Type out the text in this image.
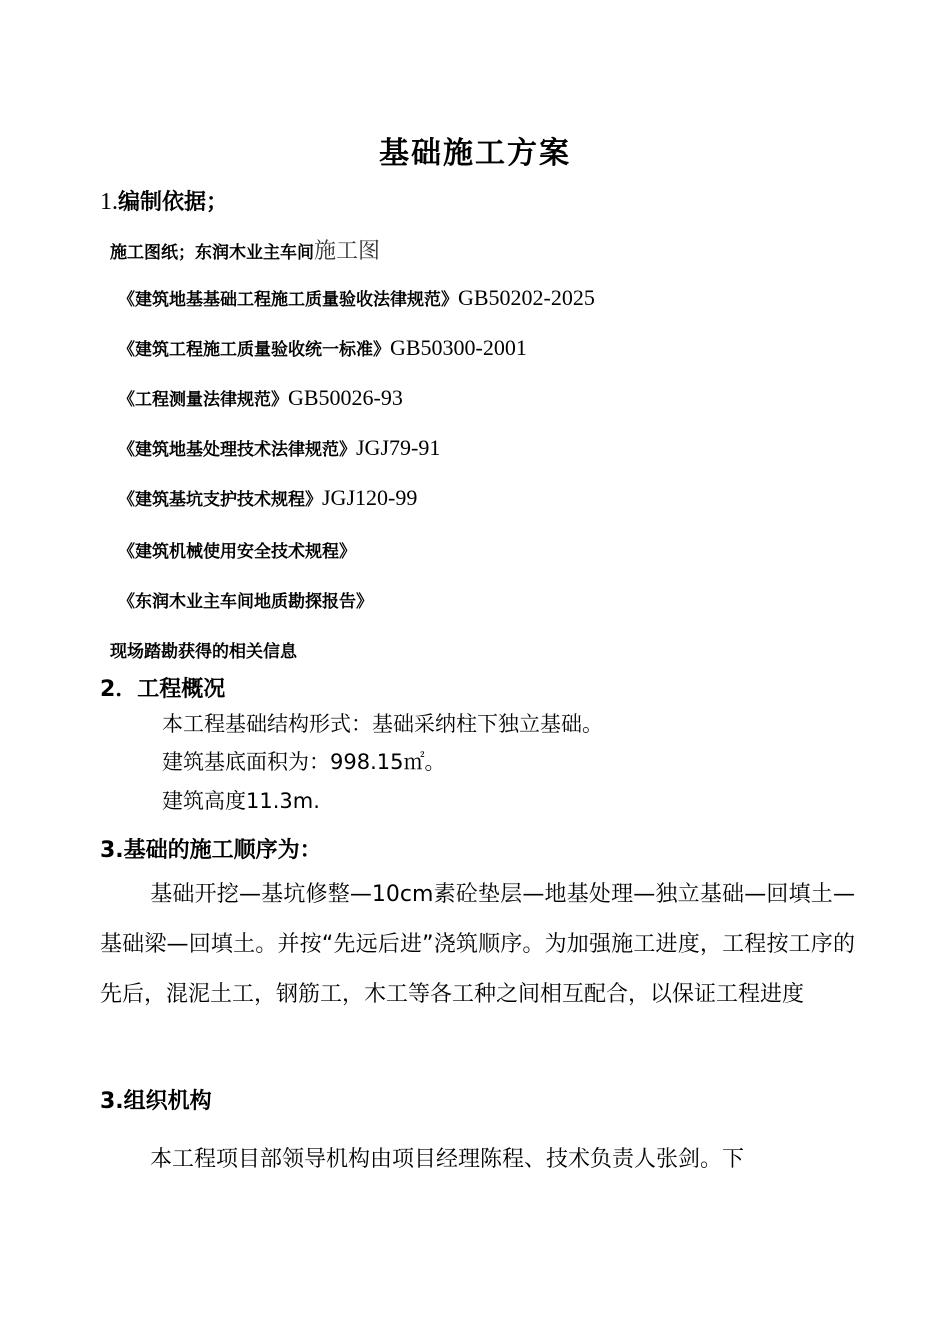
基础施工方案
1.编制依据；
施工图纸；东润木业主车间施工图
《建筑地基基础工程施工质量验收法律规范》GB50202-2025
《建筑工程施工质量验收统一标准》GB50300-2001
《工程测量法律规范》GB50026-93
《建筑地基处理技术法律规范》JGJ79-91
《建筑基坑支护技术规程》JGJ120-99
《建筑机械使用安全技术规程》
《东润木业主车间地质勘探报告》
现场踏勘获得的相关信息
2．工程概况
本工程基础结构形式：基础采纳柱下独立基础。
建筑基底面积为：998.15㎡。
建筑高度11.3m.
3.基础的施工顺序为：
基础开挖—基坑修整—10cm素砼垫层—地基处理—独立基础—回填土—基础梁—回填土。并按“先远后进”浇筑顺序。为加强施工进度，工程按工序的先后，混泥土工，钢筋工，木工等各工种之间相互配合，以保证工程进度
3.组织机构
本工程项目部领导机构由项目经理陈程、技术负责人张剑。下
